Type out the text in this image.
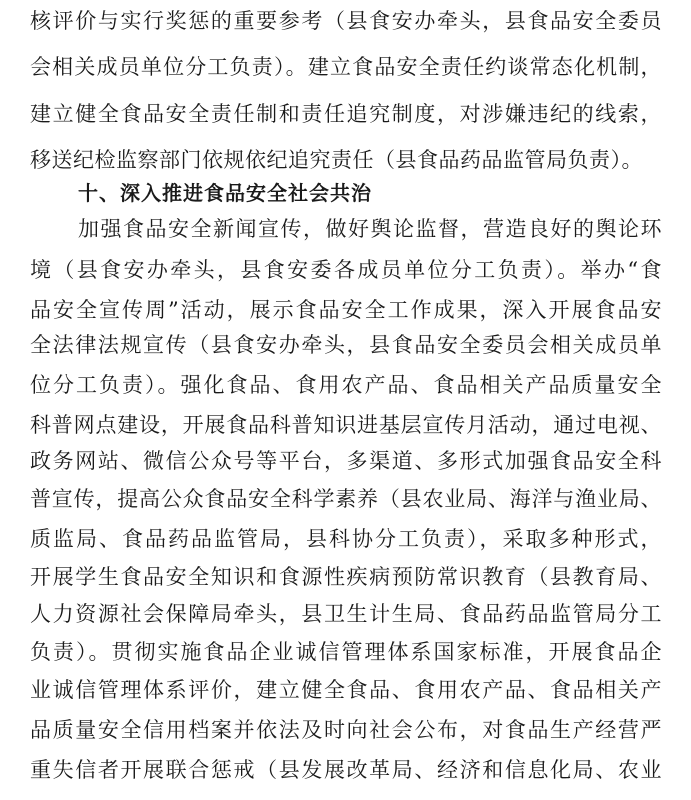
核评价与实行奖惩的重要参考（县食安办牵头，县食品安全委员
会相关成员单位分工负责）。建立食品安全责任约谈常态化机制，
建立健全食品安全责任制和责任追究制度，对涉嫌违纪的线索，
移送纪检监察部门依规依纪追究责任（县食品药品监管局负责）。
十、深入推进食品安全社会共治
加强食品安全新闻宣传，做好舆论监督，营造良好的舆论环
境（县食安办牵头，县食安委各成员单位分工负责）。举办“食
品安全宣传周”活动，展示食品安全工作成果，深入开展食品安
全法律法规宣传（县食安办牵头，县食品安全委员会相关成员单
位分工负责）。强化食品、食用农产品、食品相关产品质量安全
科普网点建设，开展食品科普知识进基层宣传月活动，通过电视、
政务网站、微信公众号等平台，多渠道、多形式加强食品安全科
普宣传，提高公众食品安全科学素养（县农业局、海洋与渔业局、
质监局、食品药品监管局，县科协分工负责），采取多种形式，
开展学生食品安全知识和食源性疾病预防常识教育（县教育局、
人力资源社会保障局牵头，县卫生计生局、食品药品监管局分工
负责）。贯彻实施食品企业诚信管理体系国家标准，开展食品企
业诚信管理体系评价，建立健全食品、食用农产品、食品相关产
品质量安全信用档案并依法及时向社会公布，对食品生产经营严
重失信者开展联合惩戒（县发展改革局、经济和信息化局、农业
